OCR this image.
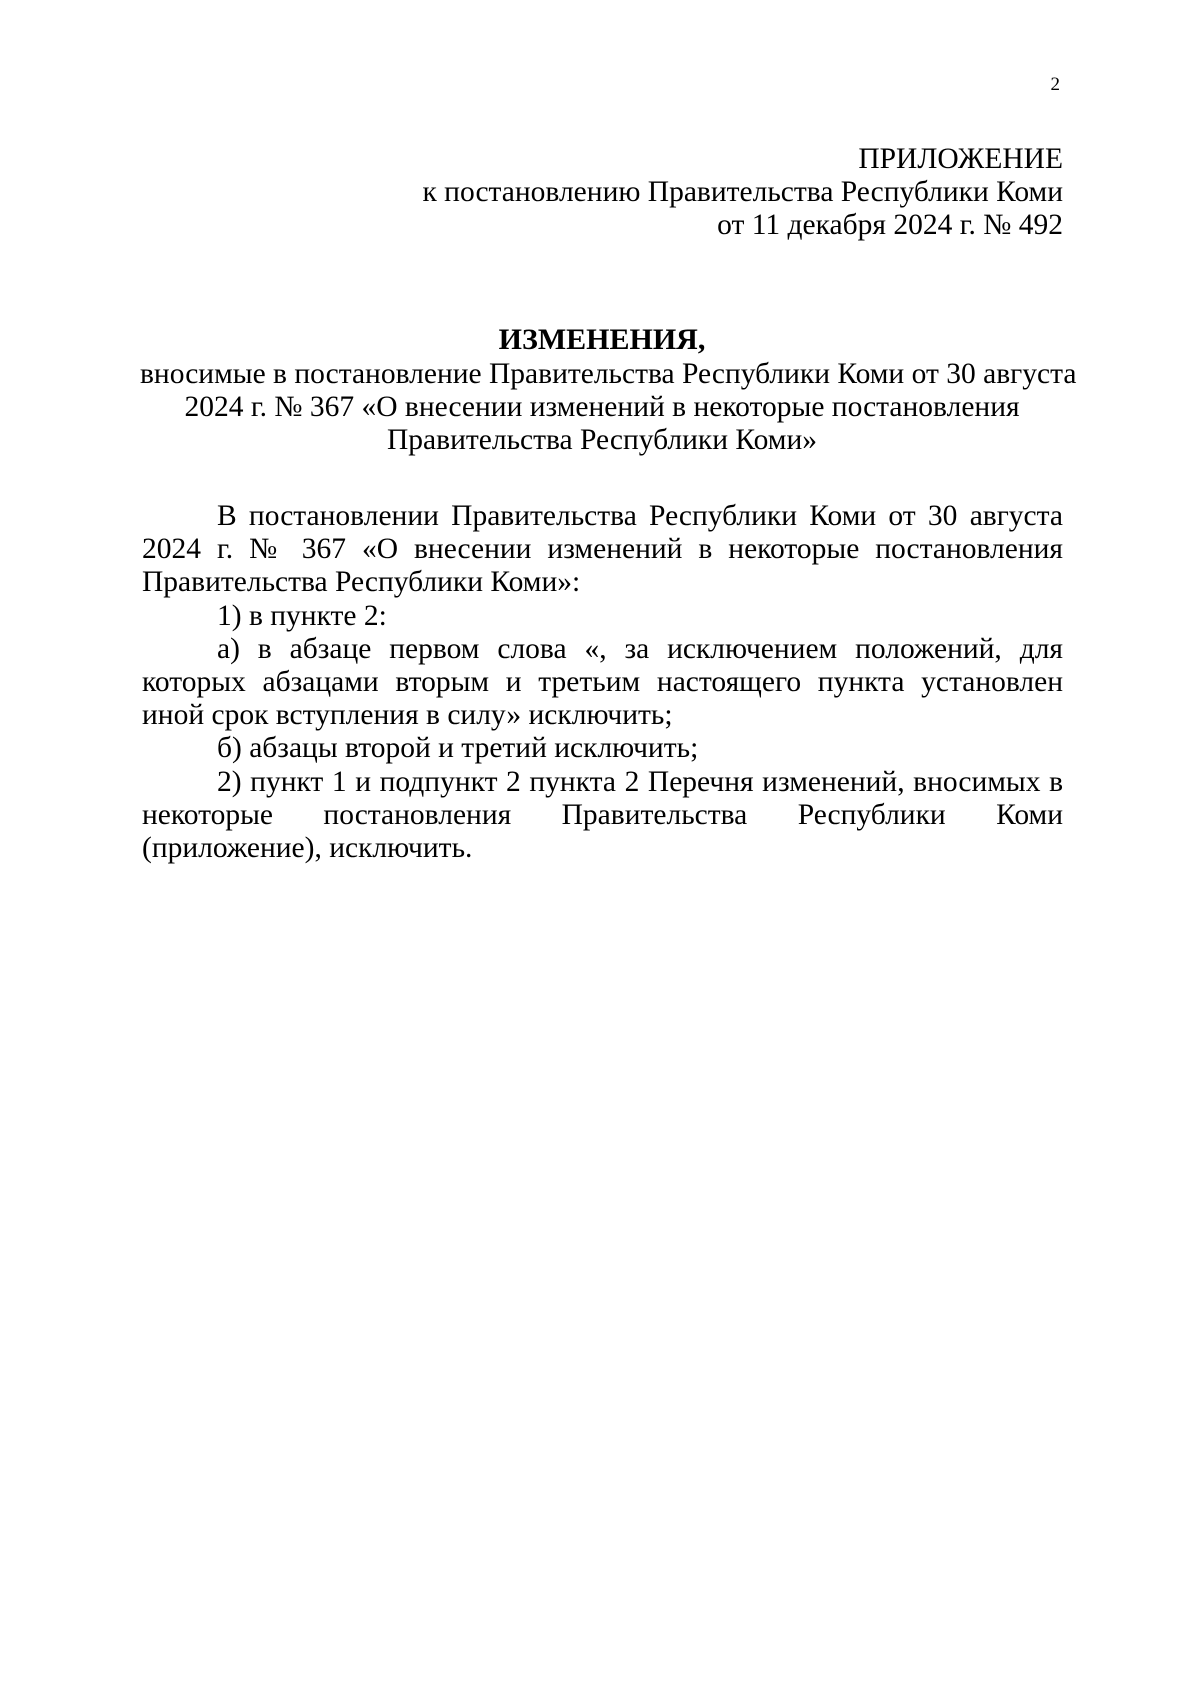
2
ПРИЛОЖЕНИЕ
к постановлению Правительства Республики Коми
от 11 декабря 2024 г. № 492
ИЗМЕНЕНИЯ,
вносимые в постановление Правительства Республики Коми от 30 августа
2024 г. № 367 «О внесении изменений в некоторые постановления
Правительства Республики Коми»

В постановлении Правительства Республики Коми от 30 августа 2024 г. № 367 «О внесении изменений в некоторые постановления Правительства Республики Коми»:

1) в пункте 2:

а) в абзаце первом слова «, за исключением положений, для которых абзацами вторым и третьим настоящего пункта установлен иной срок вступления в силу» исключить;

б) абзацы второй и третий исключить;

2) пункт 1 и подпункт 2 пункта 2 Перечня изменений, вносимых в некоторые постановления Правительства Республики Коми (приложение), исключить.
